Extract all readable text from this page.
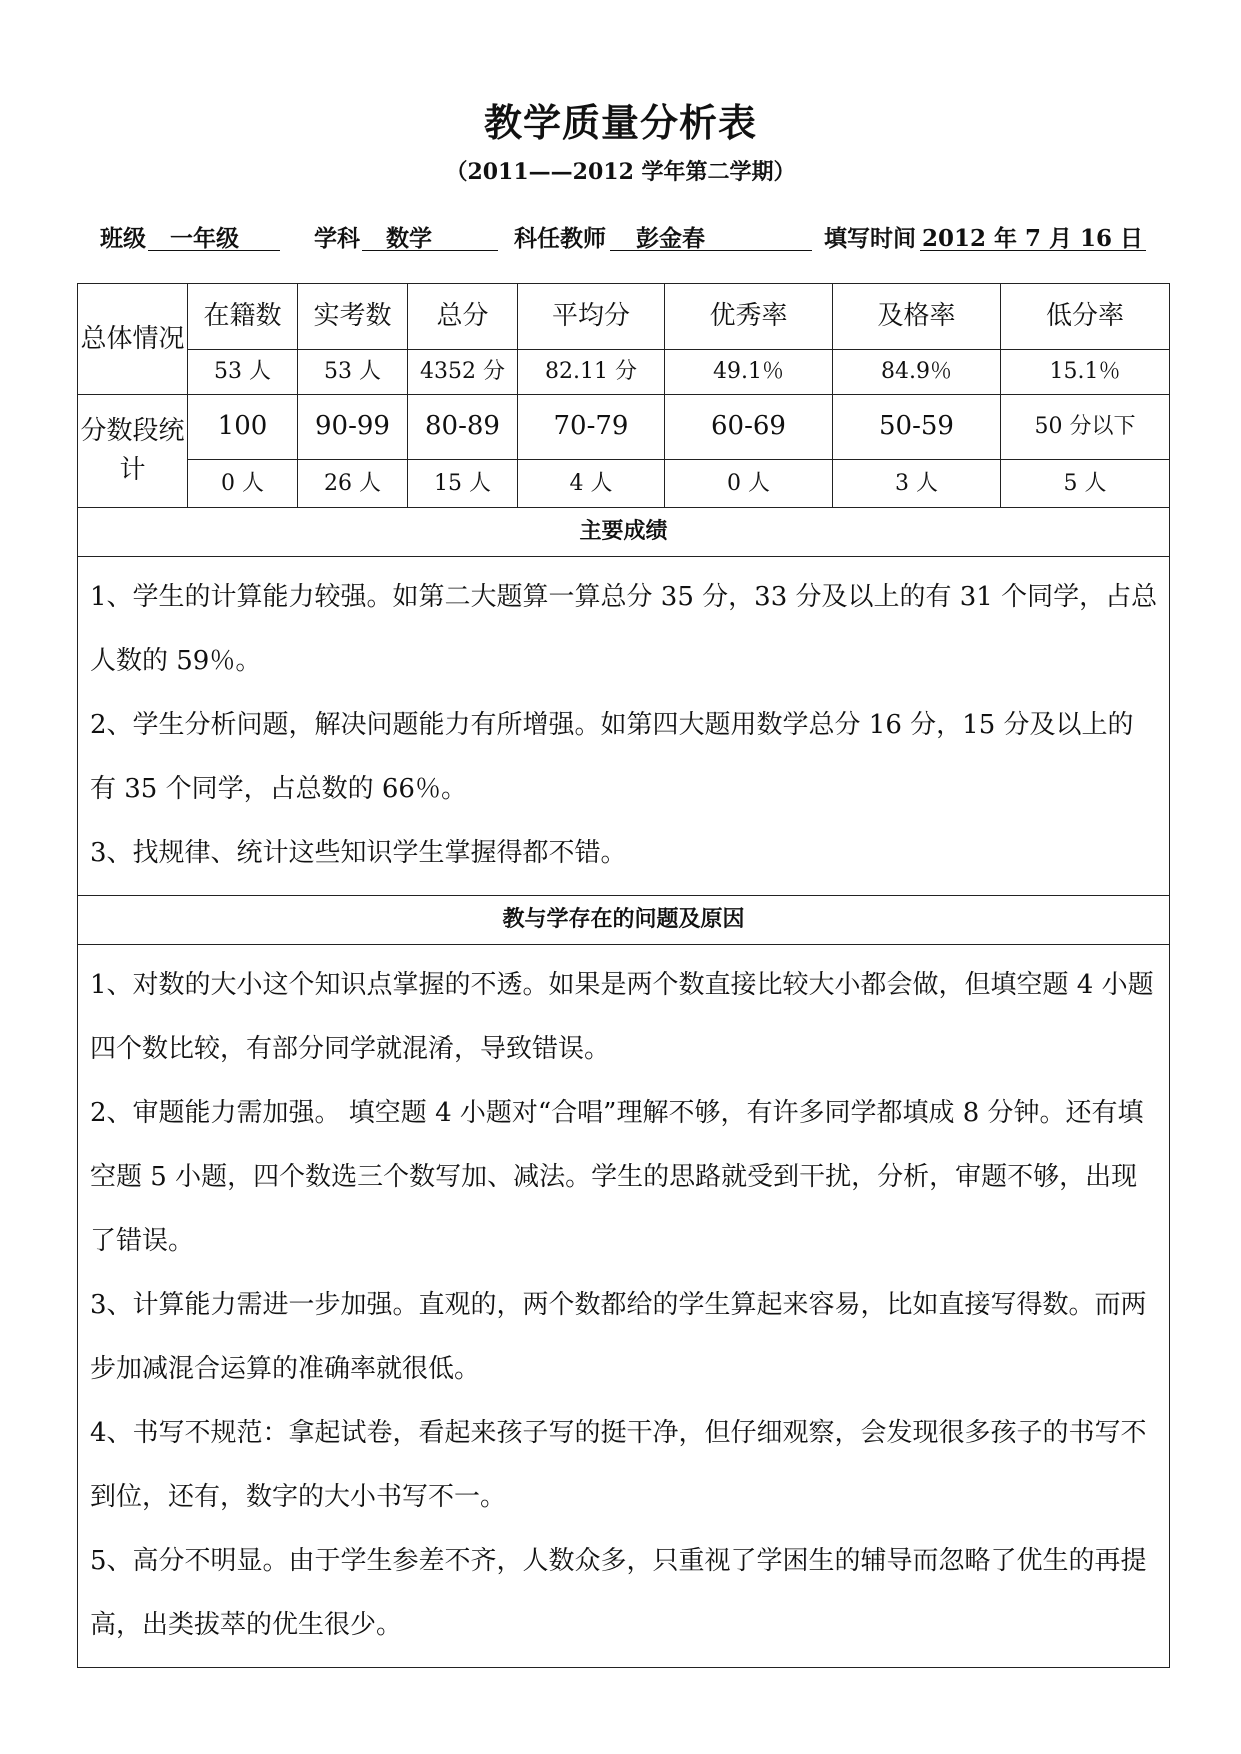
教学质量分析表
（2011——2012 学年第二学期）
班级	一年级	学科	数学	科任教师	彭金春	填写时间 2012 年 7 月 16 日
总体情况	在籍数	实考数	总分	平均分	优秀率	及格率	低分率
	53 人	53 人	4352 分	82.11 分	49.1％	84.9％	15.1％
分数段统计	100	90-99	80-89	70-79	60-69	50-59	50 分以下
	0 人	26 人	15 人	4 人	0 人	3 人	5 人
主要成绩							

1、学生的计算能力较强。如第二大题算一算总分 35 分，33 分及以上的有 31 个同学，占总人数的 59％。

2、学生分析问题，解决问题能力有所增强。如第四大题用数学总分 16 分，15 分及以上的有 35 个同学，占总数的 66％。

3、找规律、统计这些知识学生掌握得都不错。							

教与学存在的问题及原因							

1、对数的大小这个知识点掌握的不透。如果是两个数直接比较大小都会做，但填空题 4 小题四个数比较，有部分同学就混淆，导致错误。

2、审题能力需加强。 填空题 4 小题对“合唱”理解不够，有许多同学都填成 8 分钟。还有填空题 5 小题，四个数选三个数写加、减法。学生的思路就受到干扰，分析，审题不够，出现了错误。

3、计算能力需进一步加强。直观的，两个数都给的学生算起来容易，比如直接写得数。而两步加减混合运算的准确率就很低。

4、书写不规范：拿起试卷，看起来孩子写的挺干净，但仔细观察，会发现很多孩子的书写不到位，还有，数字的大小书写不一。

5、高分不明显。由于学生参差不齐，人数众多，只重视了学困生的辅导而忽略了优生的再提高，出类拔萃的优生很少。							
